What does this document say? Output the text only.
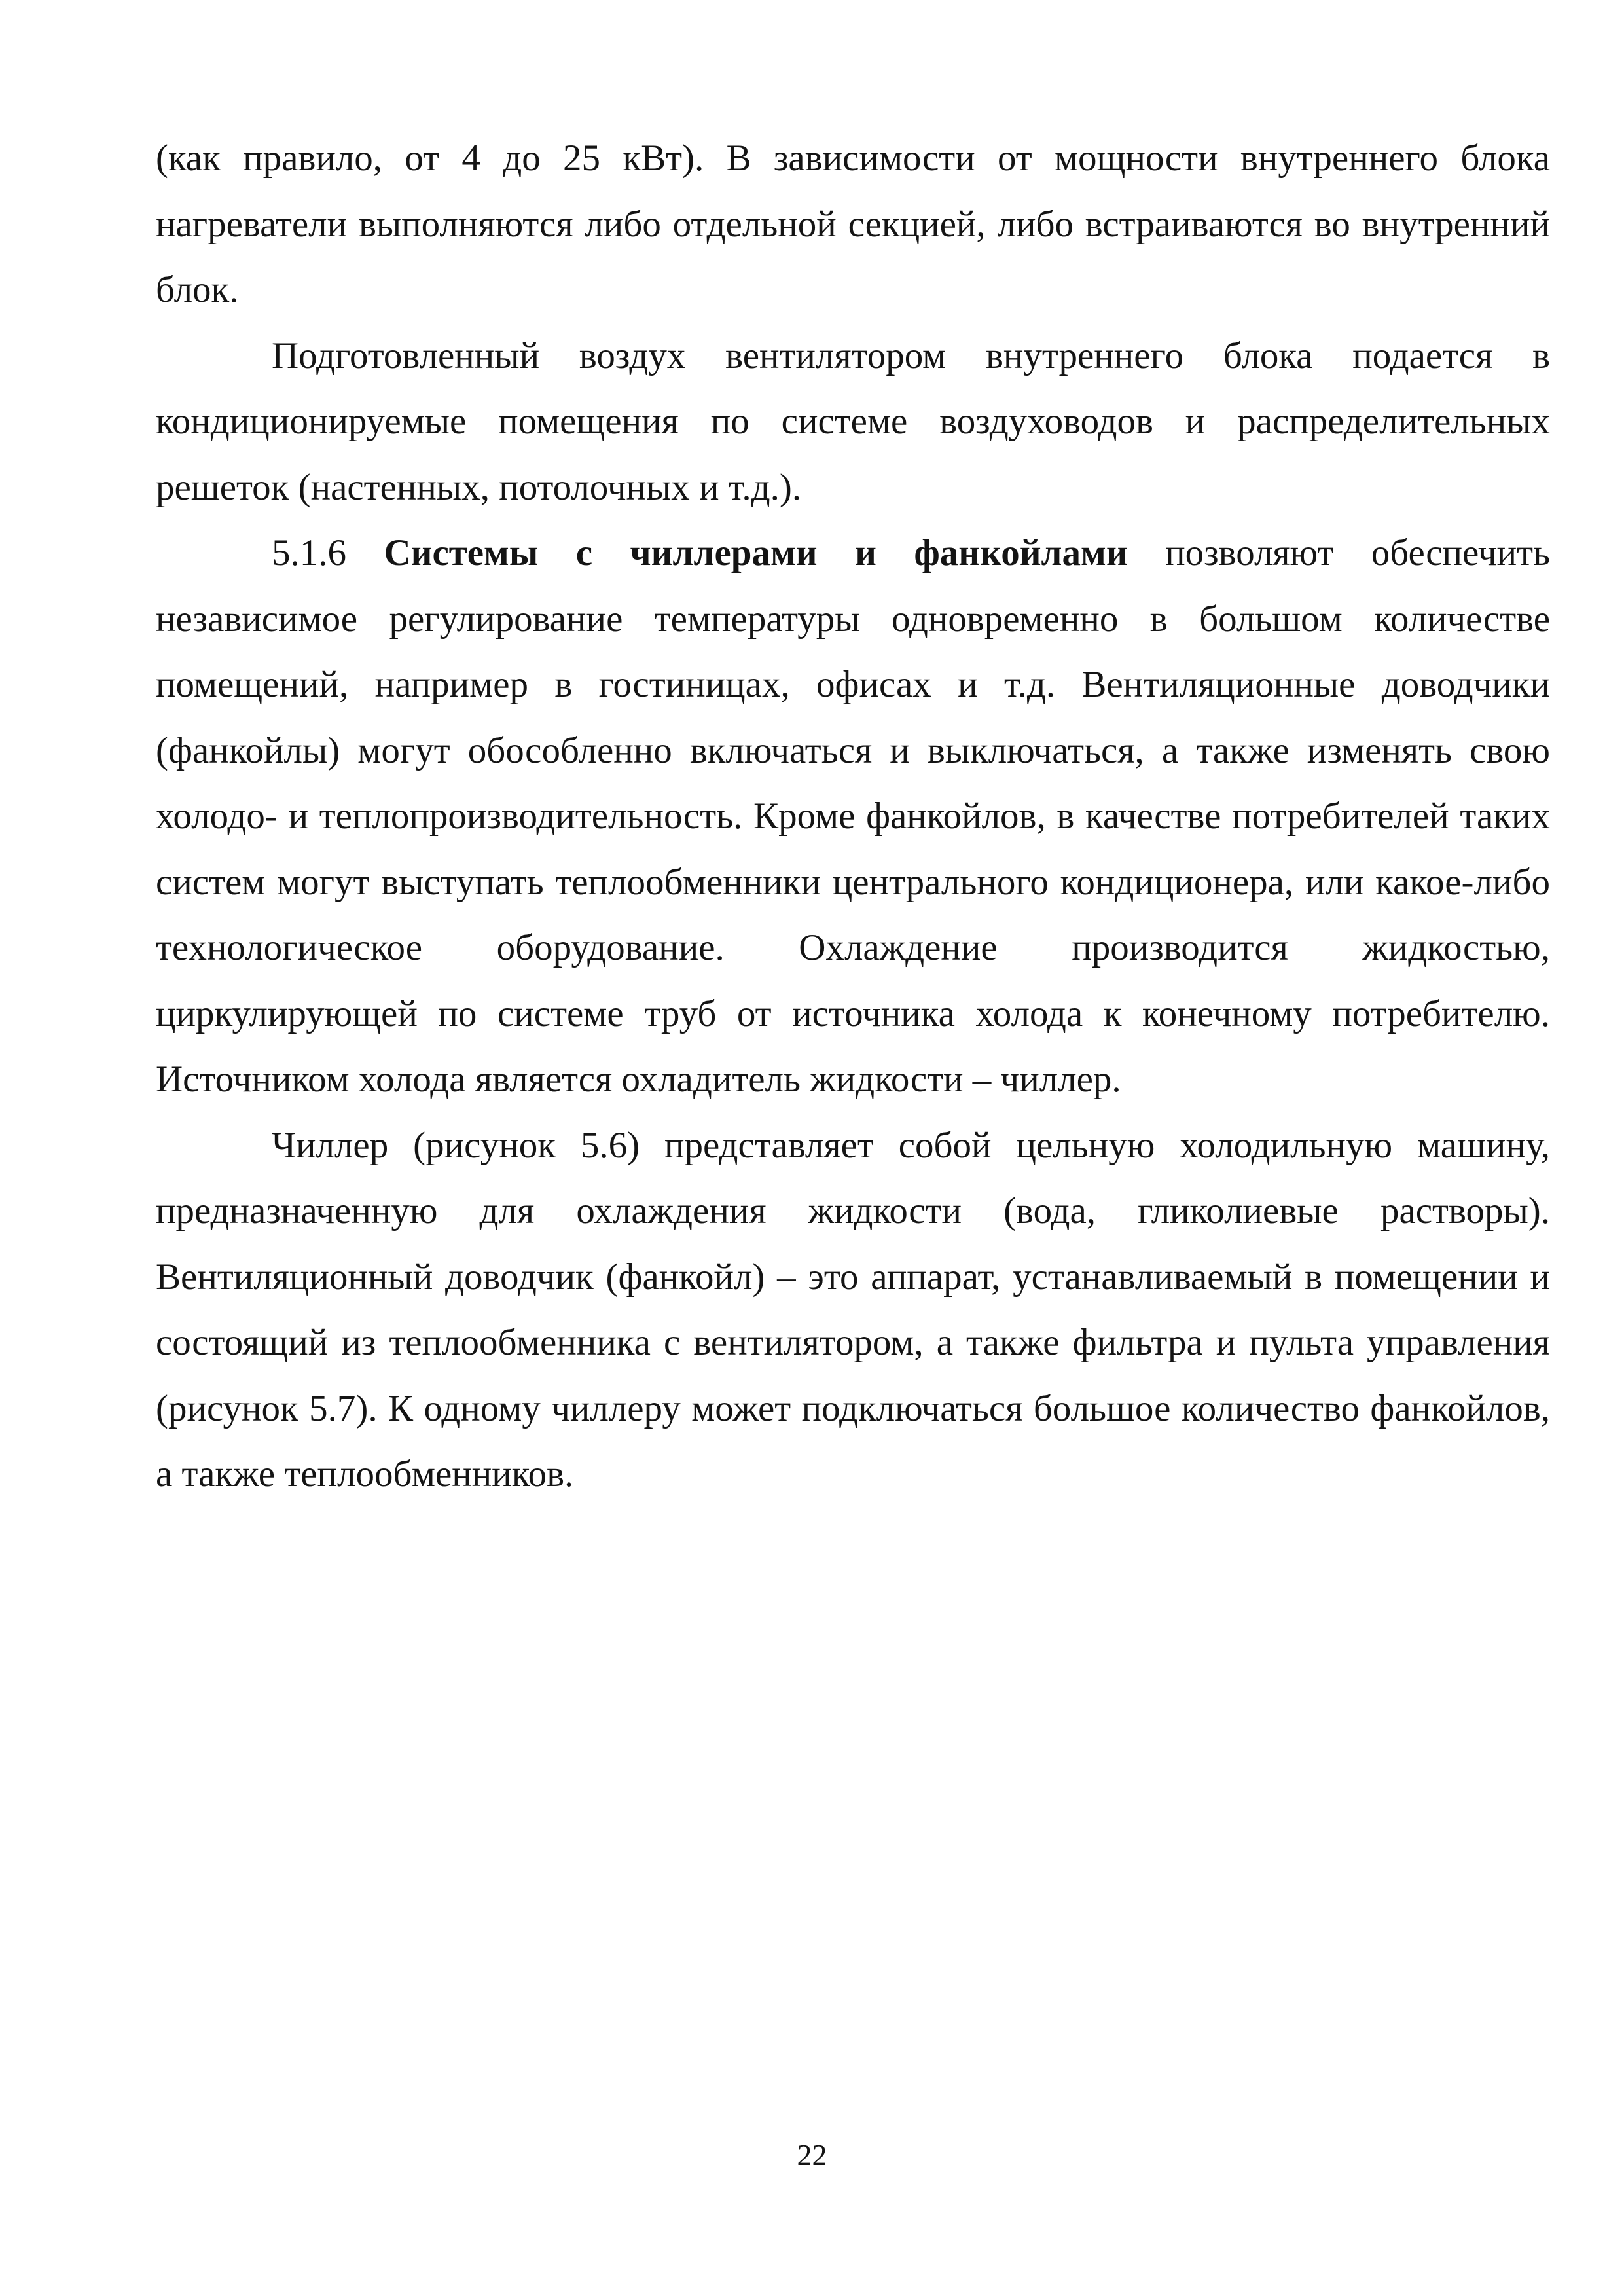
(как правило, от 4 до 25 кВт). В зависимости от мощности внутреннего блока нагреватели выполняются либо отдельной секцией, либо встраиваются во внутренний блок.

Подготовленный воздух вентилятором внутреннего блока подается в кондиционируемые помещения по системе воздуховодов и распределительных решеток (настенных, потолочных и т.д.).

5.1.6 Системы с чиллерами и фанкойлами позволяют обеспечить независимое регулирование температуры одновременно в большом количестве помещений, например в гостиницах, офисах и т.д. Вентиляционные доводчики (фанкойлы) могут обособленно включаться и выключаться, а также изменять свою холодо- и теплопроизводительность. Кроме фанкойлов, в качестве потребителей таких систем могут выступать теплообменники центрального кондиционера, или какое-либо технологическое оборудование. Охлаждение производится жидкостью, циркулирующей по системе труб от источника холода к конечному потребителю. Источником холода является охладитель жидкости – чиллер.

Чиллер (рисунок 5.6) представляет собой цельную холодильную машину, предназначенную для охлаждения жидкости (вода, гликолиевые растворы). Вентиляционный доводчик (фанкойл) – это аппарат, устанавливаемый в помещении и состоящий из теплообменника с вентилятором, а также фильтра и пульта управления (рисунок 5.7). К одному чиллеру может подключаться большое количество фанкойлов, а также теплообменников.

22
